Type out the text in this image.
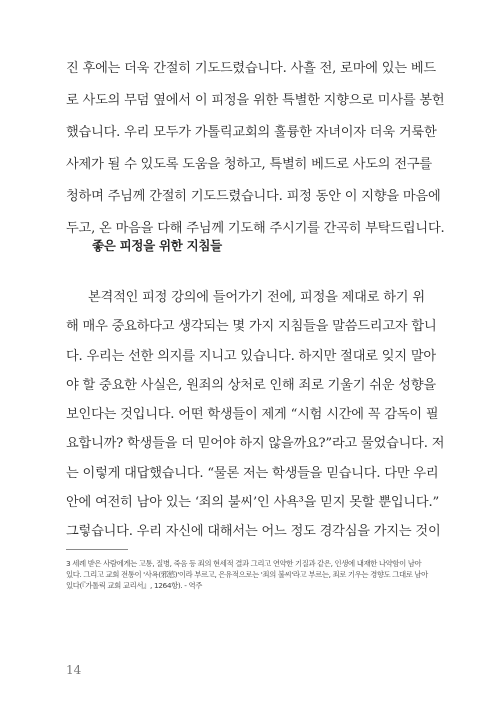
진 후에는 더욱 간절히 기도드렸습니다. 사흘 전, 로마에 있는 베드
로 사도의 무덤 옆에서 이 피정을 위한 특별한 지향으로 미사를 봉헌
했습니다. 우리 모두가 가톨릭교회의 훌륭한 자녀이자 더욱 거룩한
사제가 될 수 있도록 도움을 청하고, 특별히 베드로 사도의 전구를
청하며 주님께 간절히 기도드렸습니다. 피정 동안 이 지향을 마음에
두고, 온 마음을 다해 주님께 기도해 주시기를 간곡히 부탁드립니다.
좋은 피정을 위한 지침들
본격적인 피정 강의에 들어가기 전에, 피정을 제대로 하기 위
해 매우 중요하다고 생각되는 몇 가지 지침들을 말씀드리고자 합니
다. 우리는 선한 의지를 지니고 있습니다. 하지만 절대로 잊지 말아
야 할 중요한 사실은, 원죄의 상처로 인해 죄로 기울기 쉬운 성향을
보인다는 것입니다. 어떤 학생들이 제게 “시험 시간에 꼭 감독이 필
요합니까? 학생들을 더 믿어야 하지 않을까요?”라고 물었습니다. 저
는 이렇게 대답했습니다. “물론 저는 학생들을 믿습니다. 다만 우리
안에 여전히 남아 있는 ‘죄의 불씨’인 사욕³을 믿지 못할 뿐입니다.”
그렇습니다. 우리 자신에 대해서는 어느 정도 경각심을 가지는 것이
3 세례 받은 사람에게는 고통, 질병, 죽음 등 죄의 현세적 결과 그리고 연약한 기질과 같은, 인생에 내재한 나약함이 남아
있다. 그리고 교회 전통이 '사욕(邪慾)'이라 부르고, 은유적으로는 '죄의 불씨'라고 부르는, 죄로 기우는 경향도 그대로 남아
있다(『가톨릭 교회 교리서』, 1264항). - 역주
14
